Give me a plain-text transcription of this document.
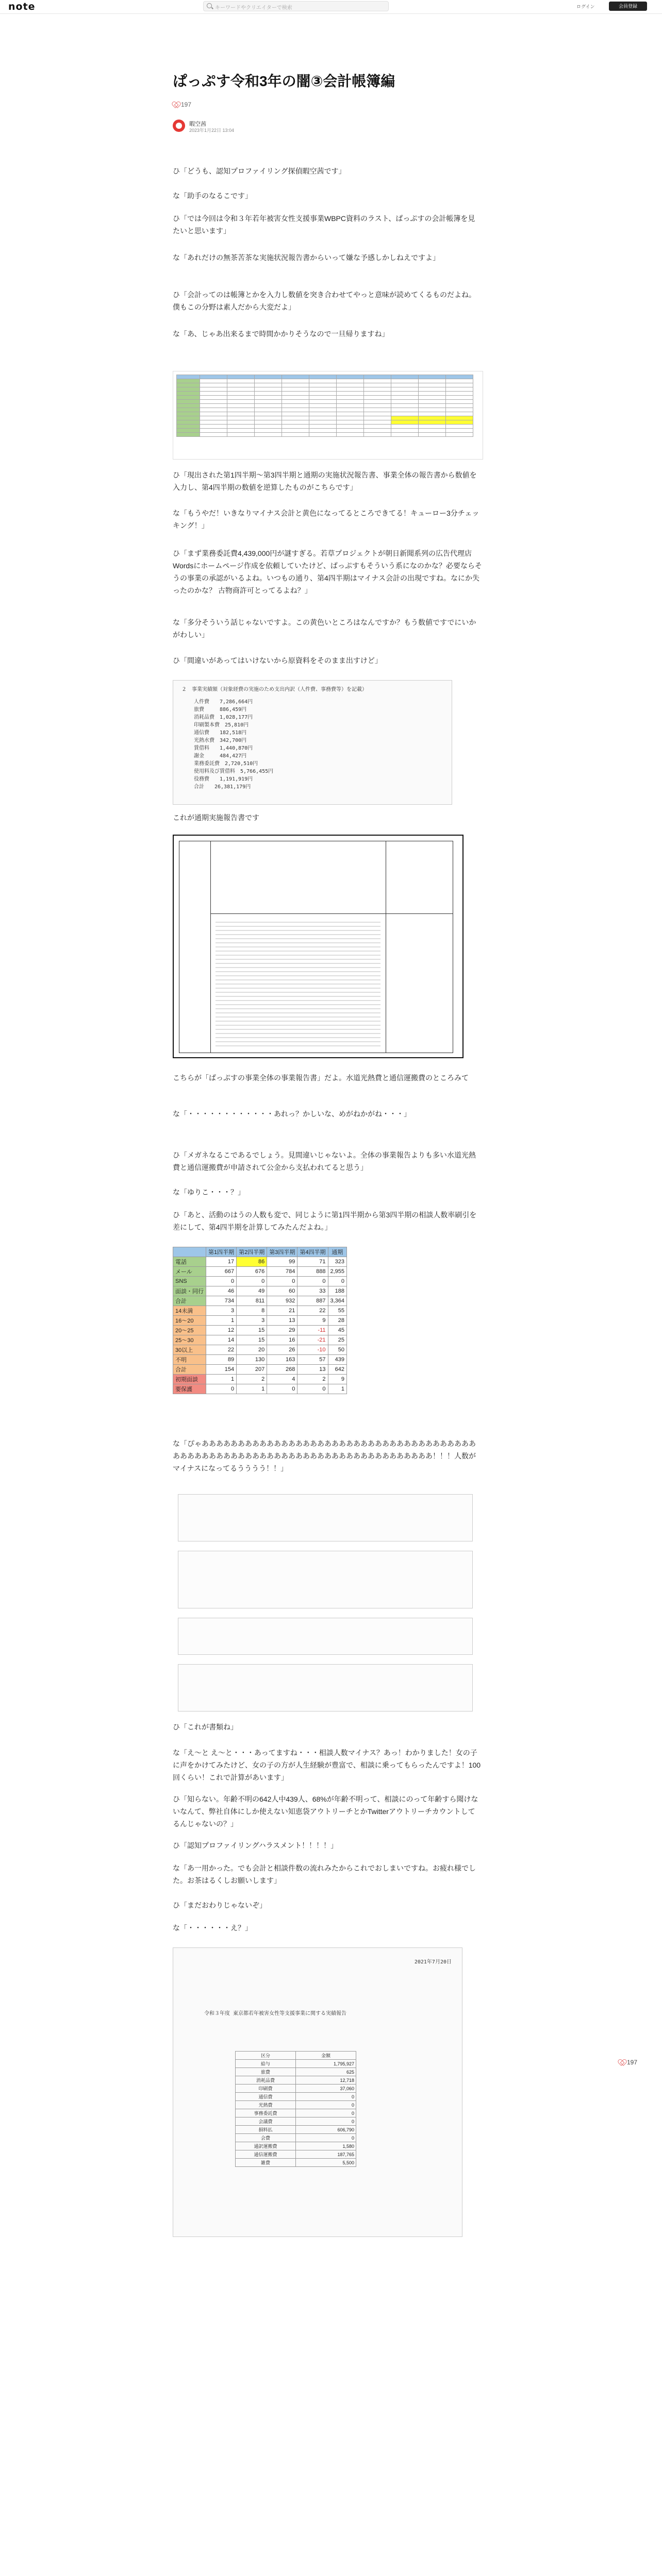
note	キーワードやクリエイターで検索	ログイン	会員登録
ぱっぷす令和3年の闇③会計帳簿編
197
暇空茜
2023年1月22日 13:04
ひ「どうも、認知プロファイリング探偵暇空茜です」
な「助手のなるこです」
ひ「では今回は令和３年若年被害女性支援事業WBPC資料のラスト、ぱっぷすの会計帳簿を見たいと思います」
な「あれだけの無茶苦茶な実施状況報告書からいって嫌な予感しかしねえですよ」
ひ「会計ってのは帳簿とかを入力し数値を突き合わせてやっと意味が読めてくるものだよね。僕もこの分野は素人だから大変だよ」
な「あ、じゃあ出来るまで時間かかりそうなので一旦帰りますね」

ひ「現出された第1四半期〜第3四半期と通期の実施状況報告書、事業全体の報告書から数値を入力し、第4四半期の数値を逆算したものがこちらです」
な「もうやだ！いきなりマイナス会計と黄色になってるところできてる！キューロー3分チェッキング！」
ひ「まず業務委託費4,439,000円が謎すぎる。若草プロジェクトが朝日新聞系列の広告代理店Wordsにホームページ作成を依頼していたけど、ぱっぷすもそういう系になのかな？必要ならそうの事業の承認がいるよね。いつもの通り、第4四半期はマイナス会計の出現ですね。なにか失ったのかな？ 古物商許可とってるよね？」
な「多分そういう話じゃないですよ。この黄色いところはなんですか？もう数値ですでにいかがわしい」
ひ「間違いがあってはいけないから原資料をそのまま出すけど」
２　事業実績額（対象経費の実施のため支出内訳（人件費、事務費等）を記載）
人件費　　7,286,664円
旅費　　　886,459円
消耗品費　1,028,177円
印刷製本費　25,810円
通信費　　182,518円
光熱水費　342,700円
賃借料　　1,440,870円
謝金　　　484,427円
業務委託費　2,720,510円
使用料及び賃借料　5,766,455円
役務費　　1,191,919円
合計　　26,381,179円
これが通期実施報告書です
こちらが「ぱっぷすの事業全体の事業報告書」だよ。水道光熱費と通信運搬費のところみて
な「・・・・・・・・・・・・あれっ？かしいな、めがねかがね・・・」
ひ「メガネなるこであるでしょう。見間違いじゃないよ。全体の事業報告よりも多い水道光熱費と通信運搬費が申請されて公金から支払われてると思う」
な「ゆりこ・・・？」
ひ「あと、活動のはうの人数も変で、同じように第1四半期から第3四半期の相談人数率刷引を差にして、第4四半期を計算してみたんだよね。」
	第1四半期	第2四半期	第3四半期	第4四半期	通期
電話	17	86	99	71	323
メール	667	676	784	888	2,955
SNS	0	0	0	0	0
面談・同行	46	49	60	33	188
合計	734	811	932	887	3,364
14未満	3	8	21	22	55
16〜20	1	3	13	9	28
20〜25	12	15	29	-11	45
25〜30	14	15	16	-21	25
30以上	22	20	26	-10	50
不明	89	130	163	57	439
合計	154	207	268	13	642
初期面談	1	2	4	2	9
要保護	0	1	0	0	1
な「ぴゃああああああああああああああああああああああああああああああああああああああああああああああああああああああああああああああああああああああああああ！！！人数がマイナスになってるうううう！！」
ひ「これが書類ね」
な「え〜と え〜と・・・あってますね・・・相談人数マイナス？あっ！わかりました！女の子に声をかけてみたけど、女の子の方が人生経験が豊富で、相談に乗ってもらったんですよ！100回くらい！これで計算があいます」
ひ「知らない。年齢不明の642人中439人、68%が年齢不明って、相談にのって年齢すら聞けないなんて、弊社自体にしか使えない知恵袋アウトリーチとかTwitterアウトリーチカウントしてるんじゃないの？」
ひ「認知プロファイリングハラスメント！！！！」
な「あ一用かった。でも会計と相談件数の流れみたからこれでおしまいですね。お疲れ様でした。お茶はるくしお願いします」
ひ「まだおわりじゃないぞ」
な「・・・・・・え？」
2021年7月20日
令和３年度 東京都若年被害女性等支援事業に関する実績報告
区分	金額
給与	1,795,927
旅費	625
消耗品費	12,718
印刷費	37,060
通信費	0
光熱費	0
事務委託費	0
会議費	0
損料払	606,790
会費	0
通訳運搬費	1,580
通信運搬費	187,765
雑費	5,500
197
